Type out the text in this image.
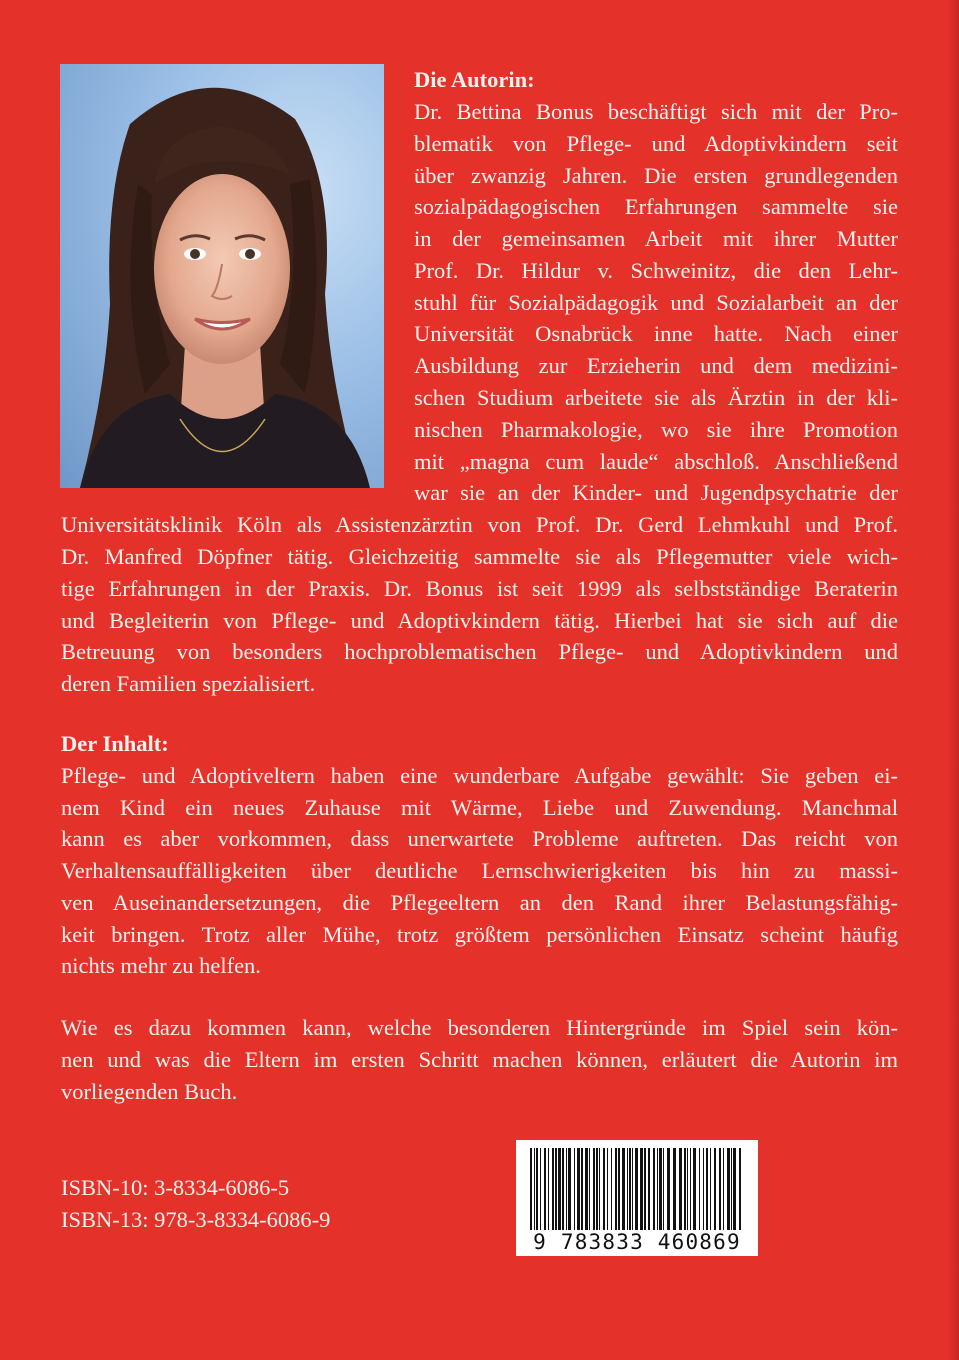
Die Autorin:

Dr. Bettina Bonus beschäftigt sich mit der Pro-

blematik von Pflege- und Adoptivkindern seit

über zwanzig Jahren. Die ersten grundlegenden

sozialpädagogischen Erfahrungen sammelte sie

in der gemeinsamen Arbeit mit ihrer Mutter

Prof. Dr. Hildur v. Schweinitz, die den Lehr-

stuhl für Sozialpädagogik und Sozialarbeit an der

Universität Osnabrück inne hatte. Nach einer

Ausbildung zur Erzieherin und dem medizini-

schen Studium arbeitete sie als Ärztin in der kli-

nischen Pharmakologie, wo sie ihre Promotion

mit „magna cum laude“ abschloß. Anschließend

war sie an der Kinder- und Jugendpsychatrie der

Universitätsklinik Köln als Assistenzärztin von Prof. Dr. Gerd Lehmkuhl und Prof.

Dr. Manfred Döpfner tätig. Gleichzeitig sammelte sie als Pflegemutter viele wich-

tige Erfahrungen in der Praxis. Dr. Bonus ist seit 1999 als selbstständige Beraterin

und Begleiterin von Pflege- und Adoptivkindern tätig. Hierbei hat sie sich auf die

Betreuung von besonders hochproblematischen Pflege- und Adoptivkindern und

deren Familien spezialisiert.

Der Inhalt:

Pflege- und Adoptiveltern haben eine wunderbare Aufgabe gewählt: Sie geben ei-

nem Kind ein neues Zuhause mit Wärme, Liebe und Zuwendung. Manchmal

kann es aber vorkommen, dass unerwartete Probleme auftreten. Das reicht von

Verhaltensauffälligkeiten über deutliche Lernschwierigkeiten bis hin zu massi-

ven Auseinandersetzungen, die Pflegeeltern an den Rand ihrer Belastungsfähig-

keit bringen. Trotz aller Mühe, trotz größtem persönlichen Einsatz scheint häufig

nichts mehr zu helfen.

Wie es dazu kommen kann, welche besonderen Hintergründe im Spiel sein kön-

nen und was die Eltern im ersten Schritt machen können, erläutert die Autorin im

vorliegenden Buch.

ISBN-10: 3-8334-6086-5

ISBN-13: 978-3-8334-6086-9

9 783833 460869
